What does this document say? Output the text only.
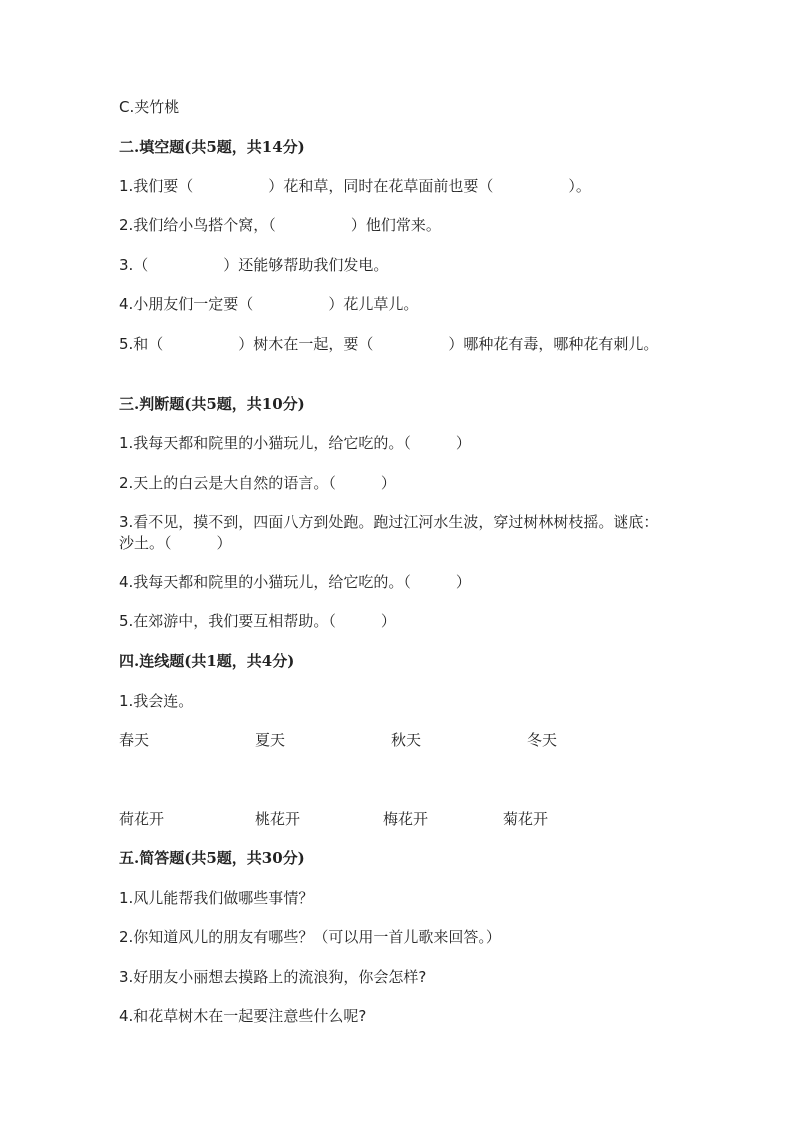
C.夹竹桃
二.填空题(共5题，共14分)
1.我们要（　　　　　）花和草，同时在花草面前也要（　　　　　）。
2.我们给小鸟搭个窝，（　　　　　）他们常来。
3.（　　　　　）还能够帮助我们发电。
4.小朋友们一定要（　　　　　）花儿草儿。
5.和（　　　　　）树木在一起，要（　　　　　）哪种花有毒，哪种花有刺儿。
三.判断题(共5题，共10分)
1.我每天都和院里的小猫玩儿，给它吃的。（　　　）
2.天上的白云是大自然的语言。（　　　）
3.看不见，摸不到，四面八方到处跑。跑过江河水生波，穿过树林树枝摇。谜底：沙土。（　　　）
4.我每天都和院里的小猫玩儿，给它吃的。（　　　）
5.在郊游中，我们要互相帮助。（　　　）
四.连线题(共1题，共4分)
1.我会连。
春天	夏天	秋天	冬天
荷花开	桃花开	梅花开	菊花开
五.简答题(共5题，共30分)
1.风儿能帮我们做哪些事情？
2.你知道风儿的朋友有哪些？（可以用一首儿歌来回答。）
3.好朋友小丽想去摸路上的流浪狗，你会怎样?
4.和花草树木在一起要注意些什么呢?
